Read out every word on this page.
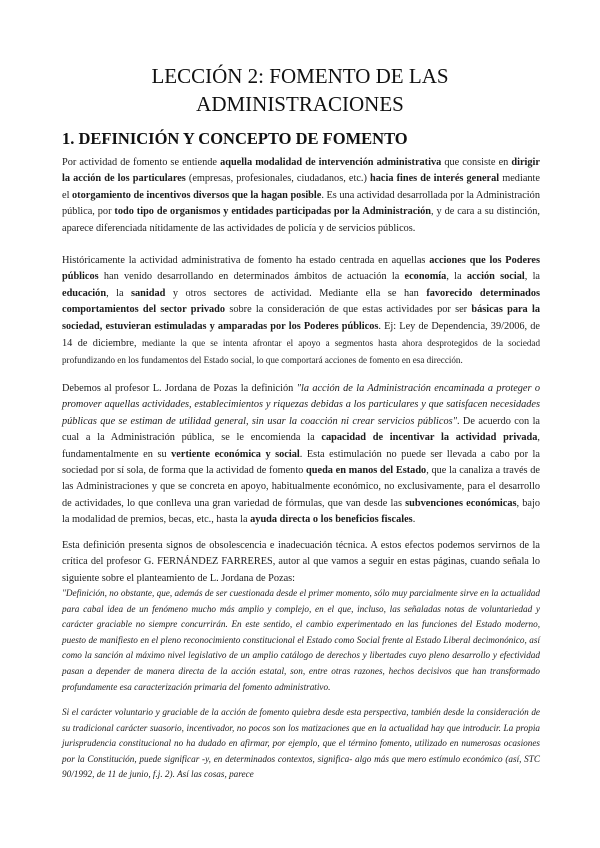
LECCIÓN 2: FOMENTO DE LAS
ADMINISTRACIONES
1. DEFINICIÓN Y CONCEPTO DE FOMENTO

Por actividad de fomento se entiende aquella modalidad de intervención administrativa que consiste en dirigir la acción de los particulares (empresas, profesionales, ciudadanos, etc.) hacia fines de interés general mediante el otorgamiento de incentivos diversos que la hagan posible. Es una actividad desarrollada por la Administración pública, por todo tipo de organismos y entidades participadas por la Administración, y de cara a su distinción, aparece diferenciada nítidamente de las actividades de policía y de servicios públicos.

Históricamente la actividad administrativa de fomento ha estado centrada en aquellas acciones que los Poderes públicos han venido desarrollando en determinados ámbitos de actuación la economía, la acción social, la educación, la sanidad y otros sectores de actividad. Mediante ella se han favorecido determinados comportamientos del sector privado sobre la consideración de que estas actividades por ser básicas para la sociedad, estuvieran estimuladas y amparadas por los Poderes públicos. Ej: Ley de Dependencia, 39/2006, de 14 de diciembre, mediante la que se intenta afrontar el apoyo a segmentos hasta ahora desprotegidos de la sociedad profundizando en los fundamentos del Estado social, lo que comportará acciones de fomento en esa dirección.

Debemos al profesor L. Jordana de Pozas la definición "la acción de la Administración encaminada a proteger o promover aquellas actividades, establecimientos y riquezas debidas a los particulares y que satisfacen necesidades públicas que se estiman de utilidad general, sin usar la coacción ni crear servicios públicos". De acuerdo con la cual a la Administración pública, se le encomienda la capacidad de incentivar la actividad privada, fundamentalmente en su vertiente económica y social. Esta estimulación no puede ser llevada a cabo por la sociedad por sí sola, de forma que la actividad de fomento queda en manos del Estado, que la canaliza a través de las Administraciones y que se concreta en apoyo, habitualmente económico, no exclusivamente, para el desarrollo de actividades, lo que conlleva una gran variedad de fórmulas, que van desde las subvenciones económicas, bajo la modalidad de premios, becas, etc., hasta la ayuda directa o los beneficios fiscales.

Esta definición presenta signos de obsolescencia e inadecuación técnica. A estos efectos podemos servirnos de la crítica del profesor G. FERNÁNDEZ FARRERES, autor al que vamos a seguir en estas páginas, cuando señala lo siguiente sobre el planteamiento de L. Jordana de Pozas:

"Definición, no obstante, que, además de ser cuestionada desde el primer momento, sólo muy parcialmente sirve en la actualidad para cabal idea de un fenómeno mucho más amplio y complejo, en el que, incluso, las señaladas notas de voluntariedad y carácter graciable no siempre concurrirán. En este sentido, el cambio experimentado en las funciones del Estado moderno, puesto de manifiesto en el pleno reconocimiento constitucional el Estado como Social frente al Estado Liberal decimonónico, así como la sanción al máximo nivel legislativo de un amplio catálogo de derechos y libertades cuyo pleno desarrollo y efectividad pasan a depender de manera directa de la acción estatal, son, entre otras razones, hechos decisivos que han transformado profundamente esa caracterización primaria del fomento administrativo.

Si el carácter voluntario y graciable de la acción de fomento quiebra desde esta perspectiva, también desde la consideración de su tradicional carácter suasorio, incentivador, no pocos son los matizaciones que en la actualidad hay que introducir. La propia jurisprudencia constitucional no ha dudado en afirmar, por ejemplo, que el término fomento, utilizado en numerosas ocasiones por la Constitución, puede significar -y, en determinados contextos, significa- algo más que mero estímulo económico (así, STC 90/1992, de 11 de junio, f.j. 2). Así las cosas, parece
